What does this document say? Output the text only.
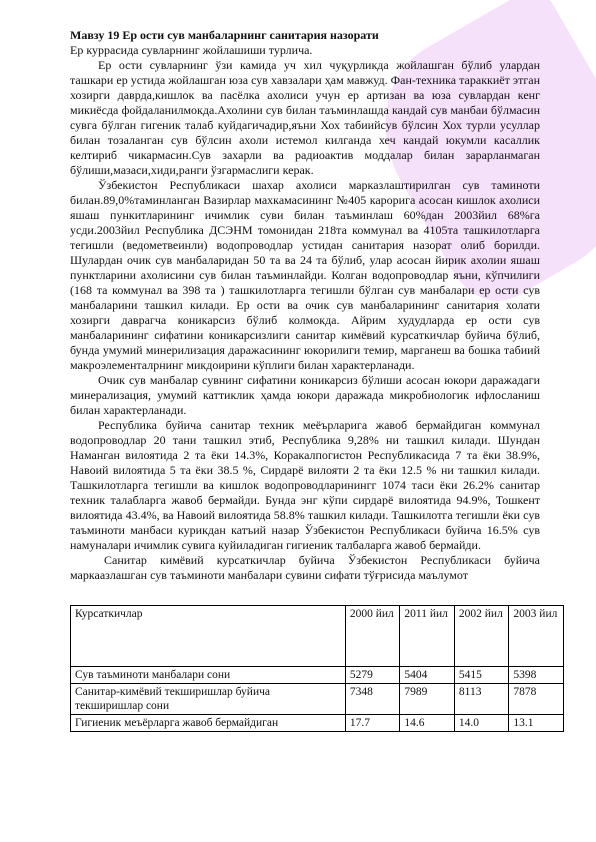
Мавзу 19 Ер ости сув манбаларнинг санитария назорати

Ер куррасида сувларнинг жойлашиши турлича.

Ер ости сувларнинг ўзи камида уч хил чуқурликда жойлашган бўлиб улардан ташкари ер устида жойлашган юза сув хавзалари ҳам мавжуд. Фан-техника тараккиёт этган хозирги даврда,кишлок ва пасёлка ахолиси учун ер артизан ва юза сувлардан кенг микиёсда фойдаланилмокда.Ахолини сув билан таъминлашда кандай сув манбаи бўлмасин сувга бўлган гигеник талаб куйдагичадир,яъни Хох табиийсув бўлсин Хох турли усуллар билан тозаланган сув бўлсин ахоли истемол килганда хеч кандай юкумли касаллик келтириб чикармасин.Сув захарли ва радиоактив моддалар билан зарарланмаган бўлиши,мазаси,хиди,ранги ўзгармаслиги керак.

Ўзбекистон Республикаси шахар ахолиси марказлаштирилган сув таминоти билан.89,0%таминланган Вазирлар махкамасининг №405 карорига асосан кишлок ахолиси яшаш пункитларининг ичимлик суви билан таъминлаш 60%дан 2003йил 68%га усди.2003йил Республика ДСЭНМ томонидан 218та коммунал ва 4105та ташкилотларга тегишли (ведометвеинли) водопроводлар устидан санитария назорат олиб борилди. Шулардан очик сув манбаларидан 50 та ва 24 та бўлиб, улар асосан йирик ахолии яшаш пунктларини ахолисини сув билан таъминлайди. Колган водопроводлар яъни, кўпчилиги (168 та коммунал ва 398 та ) ташкилотларга тегишли бўлган сув манбалари ер ости сув манбаларини ташкил килади. Ер ости ва очик сув манбаларининг санитария холати хозирги даврагча коникарсиз бўлиб колмокда. Айрим худудларда ер ости сув манбаларининг сифатини коникарсизлиги санитар кимёвий курсаткичлар буйича бўлиб, бунда умумий минерилизация даражасининг юкорилиги темир, марганеш ва бошка табиий макроэлементалрнинг микдоирини кўплиги билан характерланади.

Очик сув манбалар сувнинг сифатини коникарсиз бўлиши асосан юкори даражадаги минерализация, умумий каттиклик ҳамда юкори даражада микробиологик ифлосланиш билан характерланади.

Республика буйича санитар техник меёърларига жавоб бермайдиган коммунал водопроводлар 20 тани ташкил этиб, Республика 9,28% ни ташкил килади. Шундан Наманган вилоятида 2 та ёки 14.3%, Коракалпогистон Республикасида 7 та ёки 38.9%, Навоий вилоятида 5 та ёки 38.5 %, Сирдарё вилояти 2 та ёки 12.5 % ни ташкил килади. Ташкилотларга тегишли ва кишлок водопроводларинингг 1074 таси ёки 26.2% санитар техник талабларга жавоб бермайди. Бунда энг кўпи сирдарё вилоятида 94.9%, Тошкент вилоятида 43.4%, ва Навоий вилоятида 58.8% ташкил килади. Ташкилотга тегишли ёки сув таъминоти манбаси курикдан катъий назар Ўзбекистон Республикаси буйича 16.5% сув намуналари ичимлик сувига куйиладиган гигиеник талбаларга жавоб бермайди.

Санитар кимёвий курсаткичлар буйича Ўзбекистон Республикаси буйича маркаазлашган сув таъминоти манбалари сувини сифати тўғрисида маълумот

Курсаткичлар	2000 йил	2011 йил	2002 йил	2003 йил
Сув таъминоти манбалари сони	5279	5404	5415	5398
Санитар-кимёвий текширишлар буйича текширишлар сони	7348	7989	8113	7878
Гигиеник меъёрларга жавоб бермайдиган	17.7	14.6	14.0	13.1
